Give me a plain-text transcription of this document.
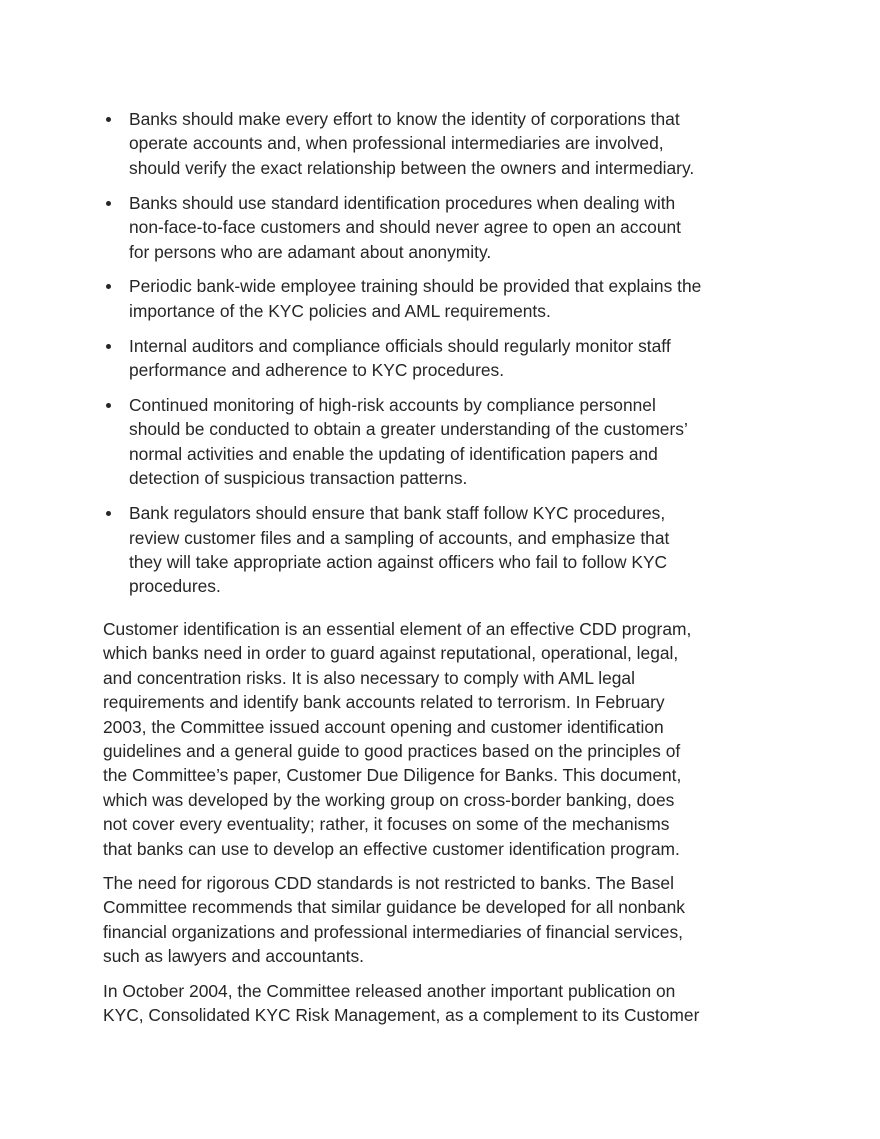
Banks should make every effort to know the identity of corporations that
operate accounts and, when professional intermediaries are involved,
should verify the exact relationship between the owners and intermediary.
Banks should use standard identification procedures when dealing with
non-face-to-face customers and should never agree to open an account
for persons who are adamant about anonymity.
Periodic bank-wide employee training should be provided that explains the
importance of the KYC policies and AML requirements.
Internal auditors and compliance officials should regularly monitor staff
performance and adherence to KYC procedures.
Continued monitoring of high-risk accounts by compliance personnel
should be conducted to obtain a greater understanding of the customers’
normal activities and enable the updating of identification papers and
detection of suspicious transaction patterns.
Bank regulators should ensure that bank staff follow KYC procedures,
review customer files and a sampling of accounts, and emphasize that
they will take appropriate action against officers who fail to follow KYC
procedures.

Customer identification is an essential element of an effective CDD program,
which banks need in order to guard against reputational, operational, legal,
and concentration risks. It is also necessary to comply with AML legal
requirements and identify bank accounts related to terrorism. In February
2003, the Committee issued account opening and customer identification
guidelines and a general guide to good practices based on the principles of
the Committee’s paper, Customer Due Diligence for Banks. This document,
which was developed by the working group on cross-border banking, does
not cover every eventuality; rather, it focuses on some of the mechanisms
that banks can use to develop an effective customer identification program.

The need for rigorous CDD standards is not restricted to banks. The Basel
Committee recommends that similar guidance be developed for all nonbank
financial organizations and professional intermediaries of financial services,
such as lawyers and accountants.

In October 2004, the Committee released another important publication on
KYC, Consolidated KYC Risk Management, as a complement to its Customer
